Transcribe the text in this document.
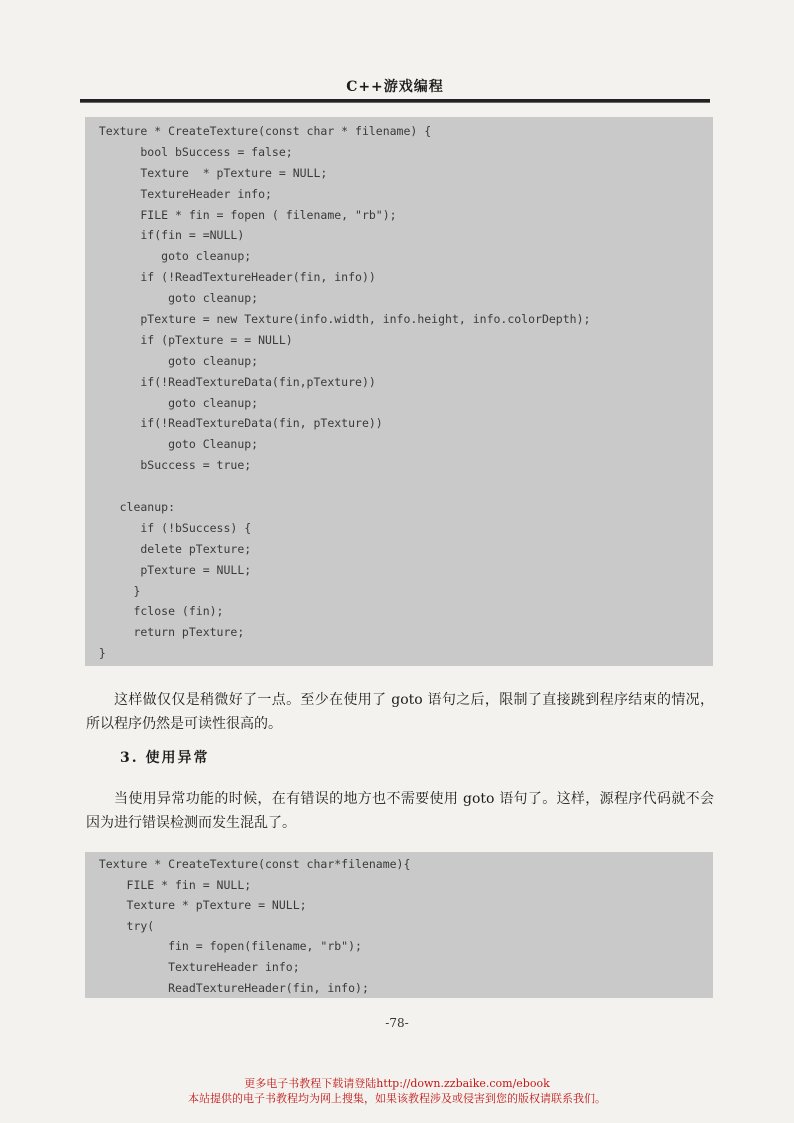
C++游戏编程
Texture * CreateTexture(const char * filename) {
bool bSuccess = false;
Texture  * pTexture = NULL;
TextureHeader info;
FILE * fin = fopen ( filename, "rb");
if(fin = =NULL)
goto cleanup;
if (!ReadTextureHeader(fin, info))
goto cleanup;
pTexture = new Texture(info.width, info.height, info.colorDepth);
if (pTexture = = NULL)
goto cleanup;
if(!ReadTextureData(fin,pTexture))
goto cleanup;
if(!ReadTextureData(fin, pTexture))
goto Cleanup;
bSuccess = true;
cleanup:
if (!bSuccess) {
delete pTexture;
pTexture = NULL;
}
fclose (fin);
return pTexture;
}

这样做仅仅是稍微好了一点。至少在使用了 goto 语句之后，限制了直接跳到程序结束的情况，所以程序仍然是可读性很高的。

3. 使用异常

当使用异常功能的时候，在有错误的地方也不需要使用 goto 语句了。这样，源程序代码就不会因为进行错误检测而发生混乱了。

Texture * CreateTexture(const char*filename){
FILE * fin = NULL;
Texture * pTexture = NULL;
try(
fin = fopen(filename, "rb");
TextureHeader info;
ReadTextureHeader(fin, info);
-78-
更多电子书教程下载请登陆http://down.zzbaike.com/ebook
本站提供的电子书教程均为网上搜集，如果该教程涉及或侵害到您的版权请联系我们。
